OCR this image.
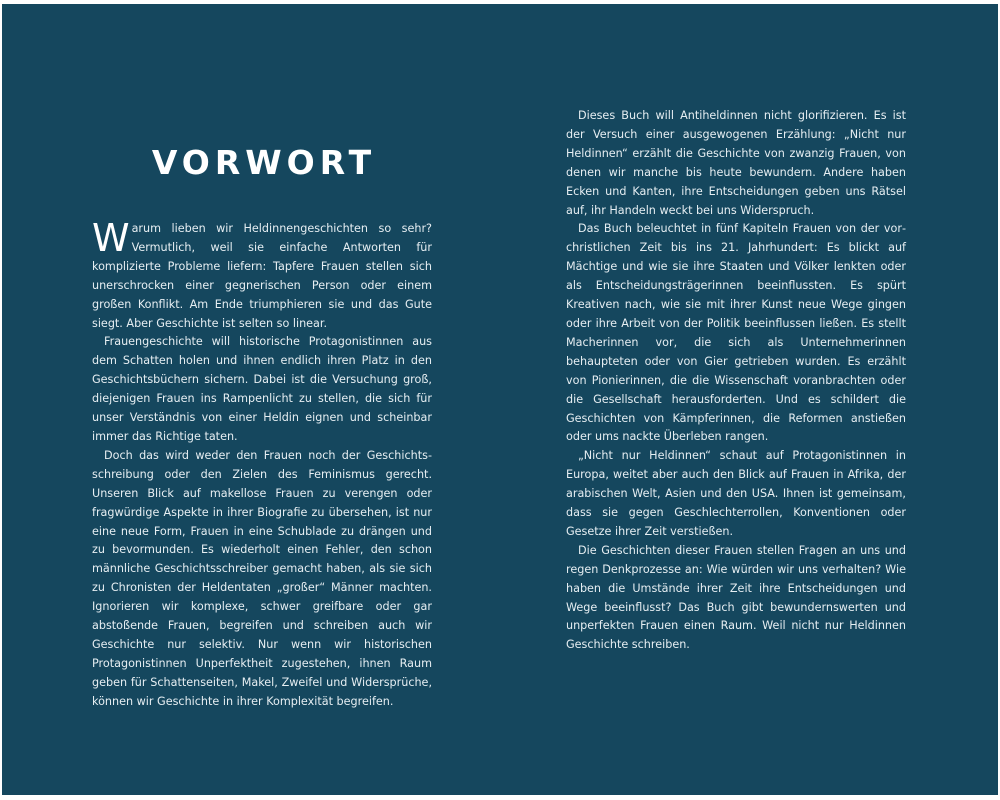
VORWORT

Warum lieben wir Heldinnengeschichten so sehr? Vermutlich, weil sie einfache Antworten für komplizierte Probleme liefern: Tapfere Frauen stellen sich unerschrocken einer gegnerischen Person oder einem großen Konflikt. Am Ende triumphieren sie und das Gute siegt. Aber Geschichte ist selten so linear.

Frauengeschichte will historische Protagonistinnen aus dem Schatten holen und ihnen endlich ihren Platz in den Geschichtsbüchern sichern. Dabei ist die Versuchung groß, diejenigen Frauen ins Rampenlicht zu stellen, die sich für unser Verständnis von einer Heldin eignen und scheinbar immer das Richtige taten.

Doch das wird weder den Frauen noch der Geschichtsschreibung oder den Zielen des Feminismus gerecht. Unseren Blick auf makellose Frauen zu verengen oder fragwürdige Aspekte in ihrer Biografie zu übersehen, ist nur eine neue Form, Frauen in eine Schublade zu drängen und zu bevormunden. Es wiederholt einen Fehler, den schon männliche Geschichtsschreiber gemacht haben, als sie sich zu Chronisten der Heldentaten „großer“ Männer machten. Ignorieren wir komplexe, schwer greifbare oder gar abstoßende Frauen, begreifen und schreiben auch wir Geschichte nur selektiv. Nur wenn wir historischen Protagonistinnen Unperfektheit zugestehen, ihnen Raum geben für Schattenseiten, Makel, Zweifel und Widersprüche, können wir Geschichte in ihrer Komplexität begreifen.

Dieses Buch will Antiheldinnen nicht glorifizieren. Es ist der Versuch einer ausgewogenen Erzählung: „Nicht nur Heldinnen“ erzählt die Geschichte von zwanzig Frauen, von denen wir manche bis heute bewundern. Andere haben Ecken und Kanten, ihre Entscheidungen geben uns Rätsel auf, ihr Handeln weckt bei uns Widerspruch.

Das Buch beleuchtet in fünf Kapiteln Frauen von der vorchristlichen Zeit bis ins 21. Jahrhundert: Es blickt auf Mächtige und wie sie ihre Staaten und Völker lenkten oder als Entscheidungsträgerinnen beeinflussten. Es spürt Kreativen nach, wie sie mit ihrer Kunst neue Wege gingen oder ihre Arbeit von der Politik beeinflussen ließen. Es stellt Macherinnen vor, die sich als Unternehmerinnen behaupteten oder von Gier getrieben wurden. Es erzählt von Pionierinnen, die die Wissenschaft voranbrachten oder die Gesellschaft herausforderten. Und es schildert die Geschichten von Kämpferinnen, die Reformen anstießen oder ums nackte Überleben rangen.

„Nicht nur Heldinnen“ schaut auf Protagonistinnen in Europa, weitet aber auch den Blick auf Frauen in Afrika, der arabischen Welt, Asien und den USA. Ihnen ist gemeinsam, dass sie gegen Geschlechterrollen, Konventionen oder Gesetze ihrer Zeit verstießen.

Die Geschichten dieser Frauen stellen Fragen an uns und regen Denkprozesse an: Wie würden wir uns verhalten? Wie haben die Umstände ihrer Zeit ihre Entscheidungen und Wege beeinflusst? Das Buch gibt bewundernswerten und unperfekten Frauen einen Raum. Weil nicht nur Heldinnen Geschichte schreiben.
